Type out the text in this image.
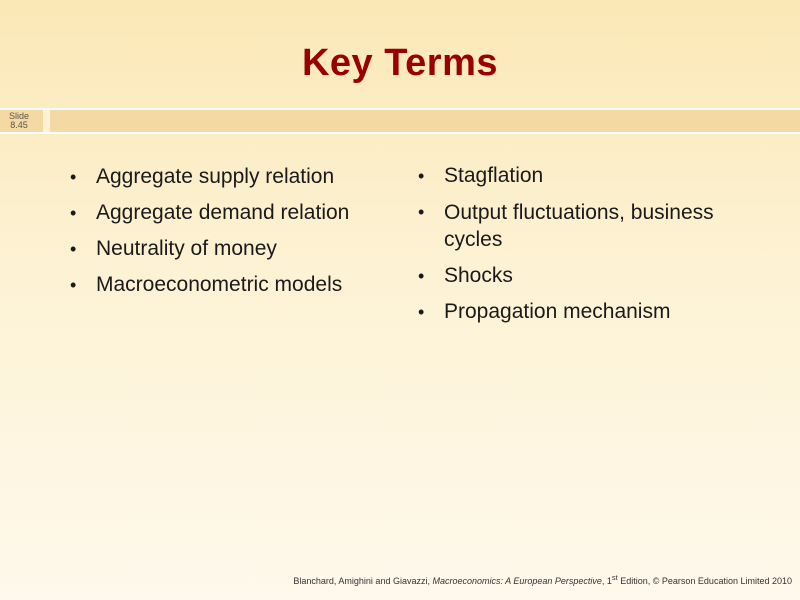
Key Terms
Slide 8.45
• Aggregate supply relation
• Aggregate demand relation
• Neutrality of money
• Macroeconometric models
• Stagflation
• Output fluctuations, business cycles
• Shocks
• Propagation mechanism
Blanchard, Amighini and Giavazzi, Macroeconomics: A European Perspective, 1st Edition, © Pearson Education Limited 2010
